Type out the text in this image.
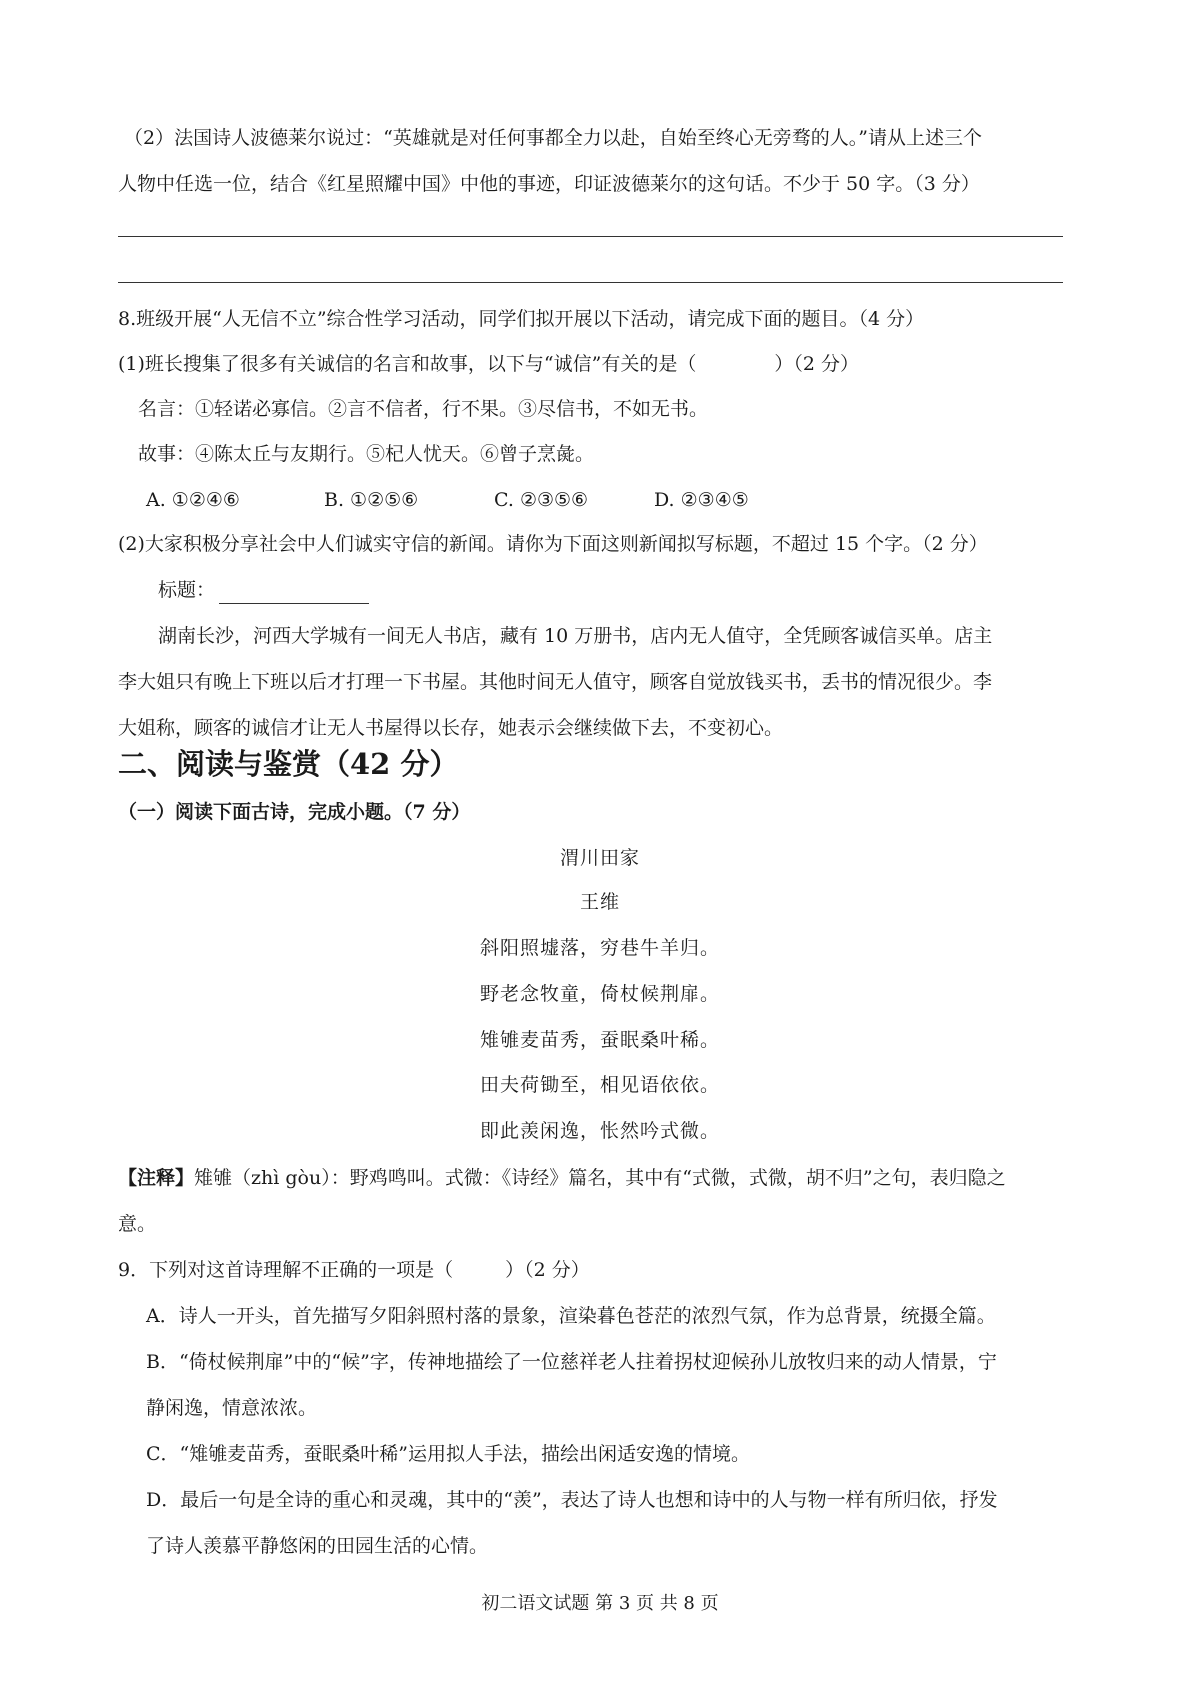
（2）法国诗人波德莱尔说过：“英雄就是对任何事都全力以赴，自始至终心无旁骛的人。”请从上述三个
人物中任选一位，结合《红星照耀中国》中他的事迹，印证波德莱尔的这句话。不少于 50 字。（3 分）
8.班级开展“人无信不立”综合性学习活动，同学们拟开展以下活动，请完成下面的题目。（4 分）
(1)班长搜集了很多有关诚信的名言和故事，以下与“诚信”有关的是（	）（2 分）
名言：①轻诺必寡信。②言不信者，行不果。③尽信书，不如无书。
故事：④陈太丘与友期行。⑤杞人忧天。⑥曾子烹彘。
A. ①②④⑥	B. ①②⑤⑥	C. ②③⑤⑥	D. ②③④⑤
(2)大家积极分享社会中人们诚实守信的新闻。请你为下面这则新闻拟写标题，不超过 15 个字。（2 分）
标题：
湖南长沙，河西大学城有一间无人书店，藏有 10 万册书，店内无人值守，全凭顾客诚信买单。店主
李大姐只有晚上下班以后才打理一下书屋。其他时间无人值守，顾客自觉放钱买书，丢书的情况很少。李
大姐称，顾客的诚信才让无人书屋得以长存，她表示会继续做下去，不变初心。
二、阅读与鉴赏（42 分）
（一）阅读下面古诗，完成小题。（7 分）
渭川田家
王维
斜阳照墟落，穷巷牛羊归。
野老念牧童，倚杖候荆扉。
雉雊麦苗秀，蚕眠桑叶稀。
田夫荷锄至，相见语依依。
即此羡闲逸，怅然吟式微。
【注释】雉雊（zhì gòu）：野鸡鸣叫。式微：《诗经》篇名，其中有“式微，式微，胡不归”之句，表归隐之
意。
9．下列对这首诗理解不正确的一项是（	）（2 分）
A．诗人一开头，首先描写夕阳斜照村落的景象，渲染暮色苍茫的浓烈气氛，作为总背景，统摄全篇。
B．“倚杖候荆扉”中的“候”字，传神地描绘了一位慈祥老人拄着拐杖迎候孙儿放牧归来的动人情景，宁
静闲逸，情意浓浓。
C．“雉雊麦苗秀，蚕眠桑叶稀”运用拟人手法，描绘出闲适安逸的情境。
D．最后一句是全诗的重心和灵魂，其中的“羡”，表达了诗人也想和诗中的人与物一样有所归依，抒发
了诗人羡慕平静悠闲的田园生活的心情。
初二语文试题 第 3 页 共 8 页
